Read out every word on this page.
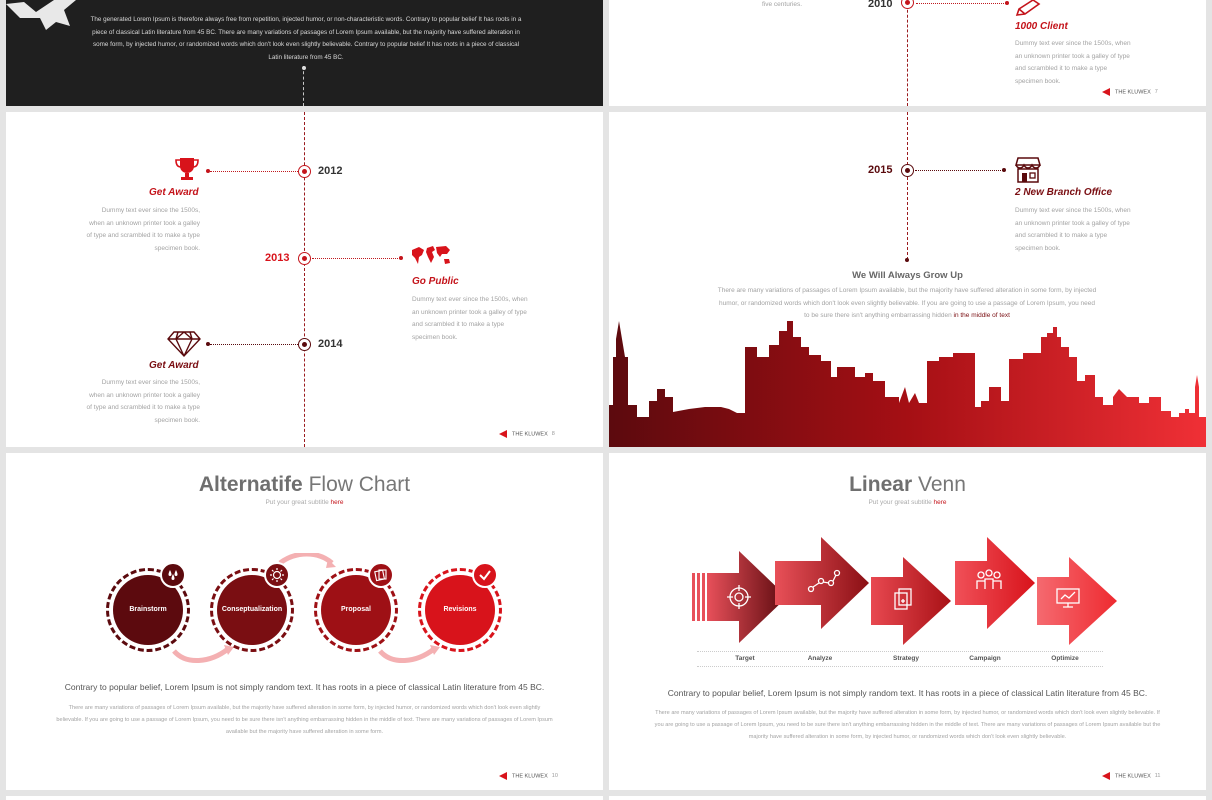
The generated Lorem Ipsum is therefore always free from repetition, injected humor, or non-characteristic words. Contrary to popular belief It has roots in a piece of classical Latin literature from 45 BC. There are many variations of passages of Lorem Ipsum available, but the majority have suffered alteration in some form, by injected humor, or randomized words which don't look even slightly believable. Contrary to popular belief It has roots in a piece of classical Latin literature from 45 BC.
five centuries.	2010
1000 Client
Dummy text ever since the 1500s, when an unknown printer took a galley of type and scrambled it to make a type specimen book.
THE KLUWEX 7
Get Award
Dummy text ever since the 1500s, when an unknown printer took a galley of type and scrambled it to make a type specimen book.
2012
2013
Go Public
Dummy text ever since the 1500s, when an unknown printer took a galley of type and scrambled it to make a type specimen book.
Get Award
Dummy text ever since the 1500s, when an unknown printer took a galley of type and scrambled it to make a type specimen book.
2014
THE KLUWEX 8
2015
2 New Branch Office
Dummy text ever since the 1500s, when an unknown printer took a galley of type and scrambled it to make a type specimen book.
We Will Always Grow Up
There are many variations of passages of Lorem Ipsum available, but the majority have suffered alteration in some form, by injected humor, or randomized words which don't look even slightly believable. If you are going to use a passage of Lorem Ipsum, you need to be sure there isn't anything embarrassing hidden in the middle of text
Alternatife Flow Chart
Put your great subtitle here
Brainstorm	Conseptualization	Proposal	Revisions
Contrary to popular belief, Lorem Ipsum is not simply random text. It has roots in a piece of classical Latin literature from 45 BC.
There are many variations of passages of Lorem Ipsum available, but the majority have suffered alteration in some form, by injected humor, or randomized words which don't look even slightly believable. If you are going to use a passage of Lorem Ipsum, you need to be sure there isn't anything embarrassing hidden in the middle of text. There are many variations of passages of Lorem Ipsum available but the majority have suffered alteration in some form.
THE KLUWEX 10
Linear Venn
Put your great subtitle here
Target	Analyze	Strategy	Campaign	Optimize
Contrary to popular belief, Lorem Ipsum is not simply random text. It has roots in a piece of classical Latin literature from 45 BC.
There are many variations of passages of Lorem Ipsum available, but the majority have suffered alteration in some form, by injected humor, or randomized words which don't look even slightly believable. If you are going to use a passage of Lorem Ipsum, you need to be sure there isn't anything embarrassing hidden in the middle of text. There are many variations of passages of Lorem Ipsum available but the majority have suffered alteration in some form, by injected humor, or randomized words which don't look even slightly believable.
THE KLUWEX 11
